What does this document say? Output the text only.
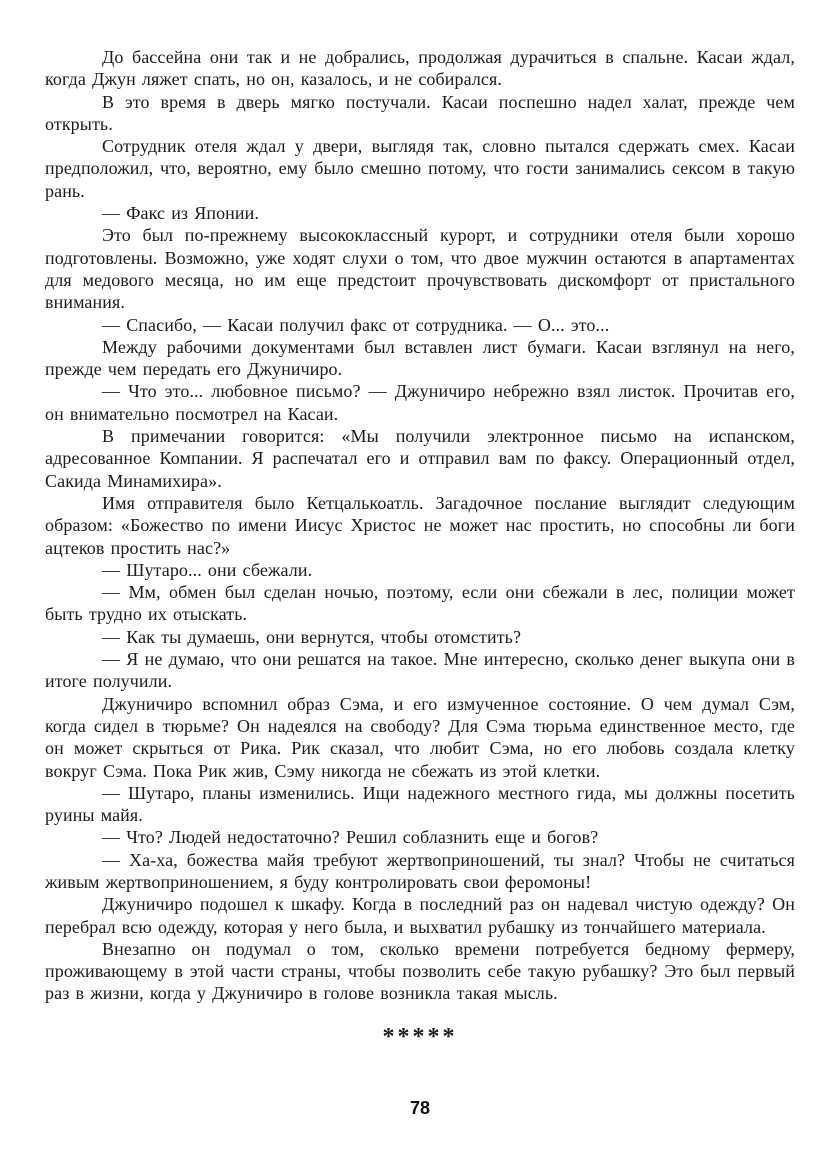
До бассейна они так и не добрались, продолжая дурачиться в спальне. Касаи ждал, когда Джун ляжет спать, но он, казалось, и не собирался.

В это время в дверь мягко постучали. Касаи поспешно надел халат, прежде чем открыть.

Сотрудник отеля ждал у двери, выглядя так, словно пытался сдержать смех. Касаи предположил, что, вероятно, ему было смешно потому, что гости занимались сексом в такую рань.

— Факс из Японии.

Это был по-прежнему высококлассный курорт, и сотрудники отеля были хорошо подготовлены. Возможно, уже ходят слухи о том, что двое мужчин остаются в апартаментах для медового месяца, но им еще предстоит прочувствовать дискомфорт от пристального внимания.

— Спасибо, — Касаи получил факс от сотрудника. — О... это...

Между рабочими документами был вставлен лист бумаги. Касаи взглянул на него, прежде чем передать его Джуничиро.

— Что это... любовное письмо? — Джуничиро небрежно взял листок. Прочитав его, он внимательно посмотрел на Касаи.

В примечании говорится: «Мы получили электронное письмо на испанском, адресованное Компании. Я распечатал его и отправил вам по факсу. Операционный отдел, Сакида Минамихира».

Имя отправителя было Кетцалькоатль. Загадочное послание выглядит следующим образом: «Божество по имени Иисус Христос не может нас простить, но способны ли боги ацтеков простить нас?»

— Шутаро... они сбежали.

— Мм, обмен был сделан ночью, поэтому, если они сбежали в лес, полиции может быть трудно их отыскать.

— Как ты думаешь, они вернутся, чтобы отомстить?

— Я не думаю, что они решатся на такое. Мне интересно, сколько денег выкупа они в итоге получили.

Джуничиро вспомнил образ Сэма, и его измученное состояние. О чем думал Сэм, когда сидел в тюрьме? Он надеялся на свободу? Для Сэма тюрьма единственное место, где он может скрыться от Рика. Рик сказал, что любит Сэма, но его любовь создала клетку вокруг Сэма. Пока Рик жив, Сэму никогда не сбежать из этой клетки.

— Шутаро, планы изменились. Ищи надежного местного гида, мы должны посетить руины майя.

— Что? Людей недостаточно? Решил соблазнить еще и богов?

— Ха-ха, божества майя требуют жертвоприношений, ты знал? Чтобы не считаться живым жертвоприношением, я буду контролировать свои феромоны!

Джуничиро подошел к шкафу. Когда в последний раз он надевал чистую одежду? Он перебрал всю одежду, которая у него была, и выхватил рубашку из тончайшего материала.

Внезапно он подумал о том, сколько времени потребуется бедному фермеру, проживающему в этой части страны, чтобы позволить себе такую рубашку? Это был первый раз в жизни, когда у Джуничиро в голове возникла такая мысль.

*****
78
